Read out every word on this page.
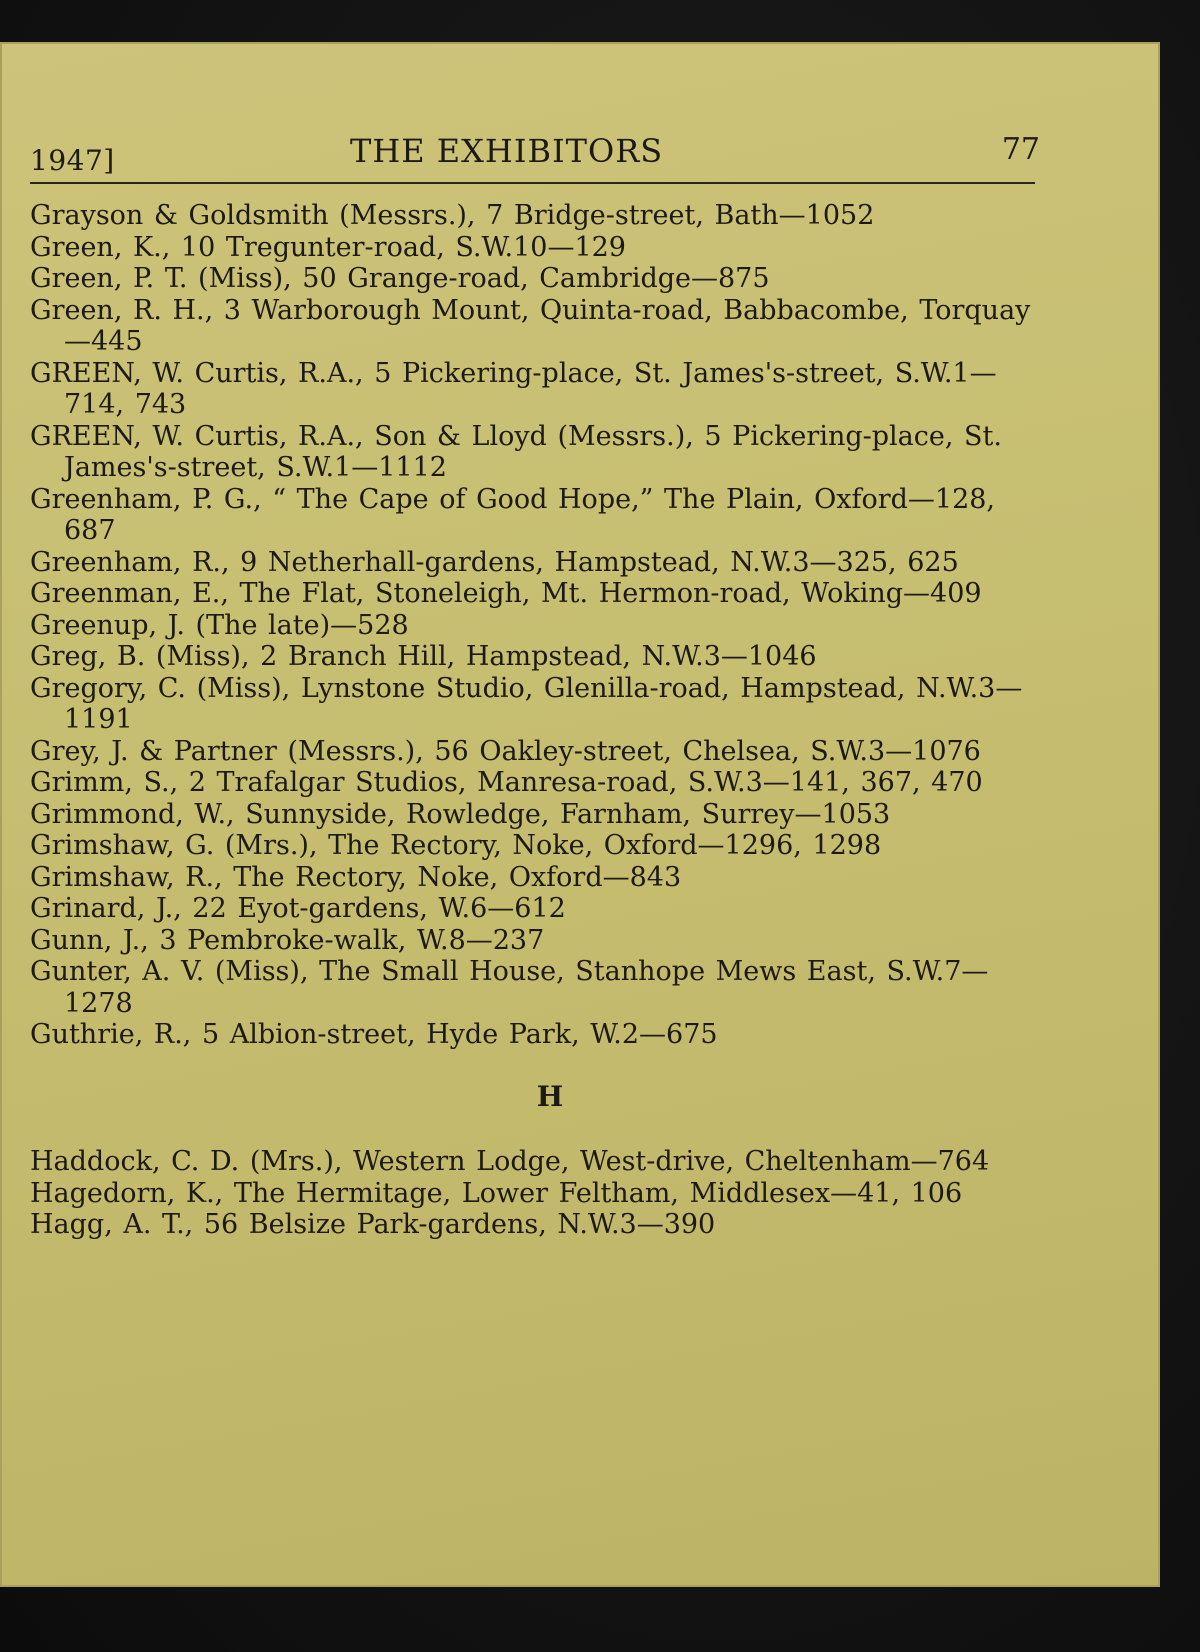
1947]	THE EXHIBITORS	77

Grayson & Goldsmith (Messrs.), 7 Bridge-street, Bath—1052

Green, K., 10 Tregunter-road, S.W.10—129

Green, P. T. (Miss), 50 Grange-road, Cambridge—875

Green, R. H., 3 Warborough Mount, Quinta-road, Babbacombe, Torquay—445

GREEN, W. Curtis, R.A., 5 Pickering-place, St. James's-street, S.W.1—714, 743

GREEN, W. Curtis, R.A., Son & Lloyd (Messrs.), 5 Pickering-place, St. James's-street, S.W.1—1112

Greenham, P. G., “ The Cape of Good Hope,” The Plain, Oxford—128, 687

Greenham, R., 9 Netherhall-gardens, Hampstead, N.W.3—325, 625

Greenman, E., The Flat, Stoneleigh, Mt. Hermon-road, Woking—409

Greenup, J. (The late)—528

Greg, B. (Miss), 2 Branch Hill, Hampstead, N.W.3—1046

Gregory, C. (Miss), Lynstone Studio, Glenilla-road, Hampstead, N.W.3—1191

Grey, J. & Partner (Messrs.), 56 Oakley-street, Chelsea, S.W.3—1076

Grimm, S., 2 Trafalgar Studios, Manresa-road, S.W.3—141, 367, 470

Grimmond, W., Sunnyside, Rowledge, Farnham, Surrey—1053

Grimshaw, G. (Mrs.), The Rectory, Noke, Oxford—1296, 1298

Grimshaw, R., The Rectory, Noke, Oxford—843

Grinard, J., 22 Eyot-gardens, W.6—612

Gunn, J., 3 Pembroke-walk, W.8—237

Gunter, A. V. (Miss), The Small House, Stanhope Mews East, S.W.7—1278

Guthrie, R., 5 Albion-street, Hyde Park, W.2—675

H

Haddock, C. D. (Mrs.), Western Lodge, West-drive, Cheltenham—764

Hagedorn, K., The Hermitage, Lower Feltham, Middlesex—41, 106

Hagg, A. T., 56 Belsize Park-gardens, N.W.3—390
